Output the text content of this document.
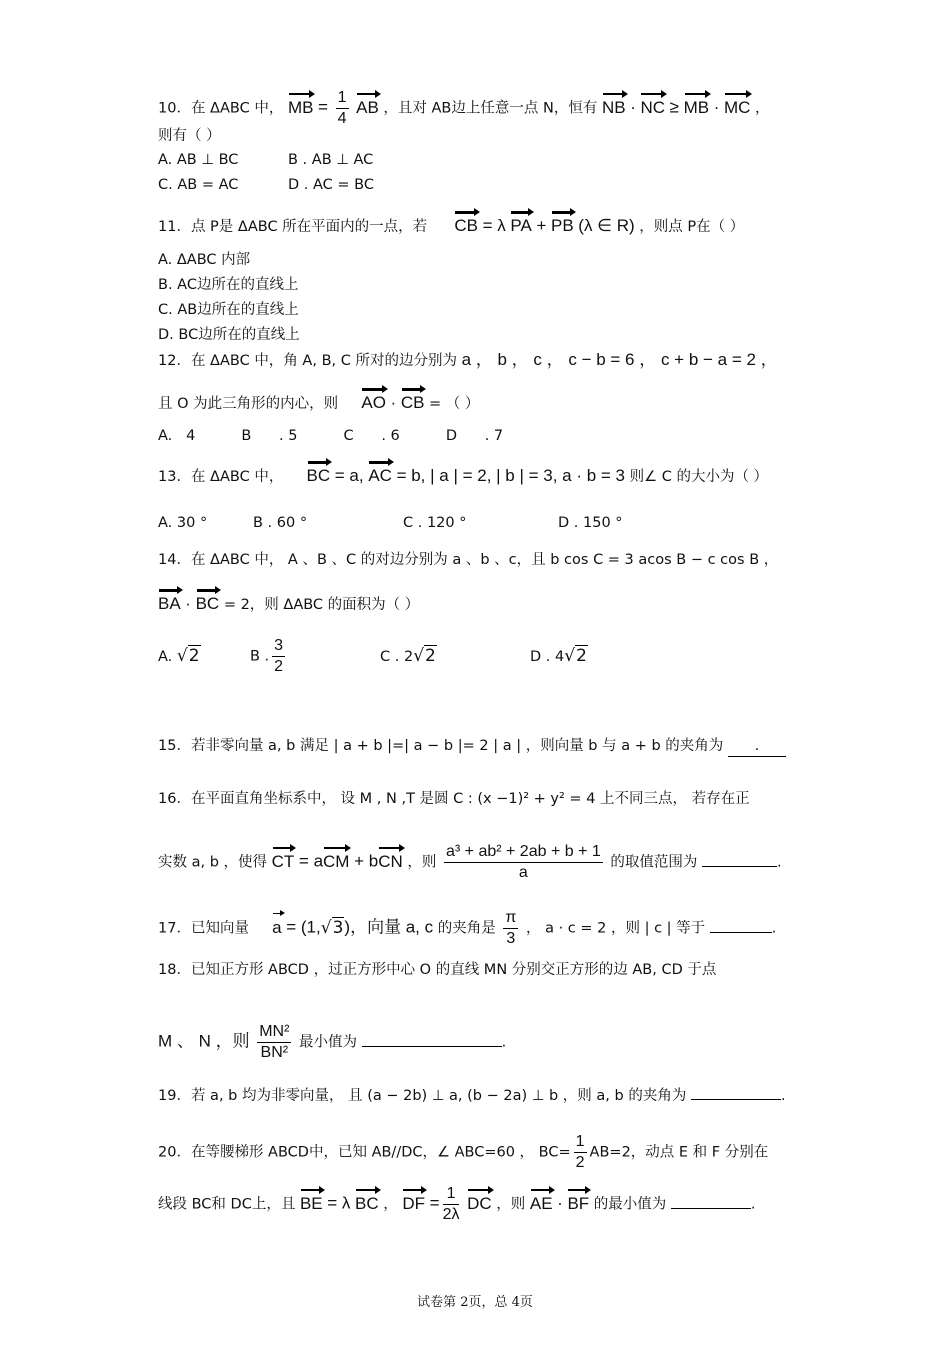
10．在 ΔABC 中， MB = $\frac{1}{4}$ AB ，且对 AB边上任意一点 N，恒有 NB · NC ≥ MB · MC ，
则有（ ）
A. AB ⊥ BC	B . AB ⊥ AC
C. AB = AC	D . AC = BC
11．点 P是 ΔABC 所在平面内的一点，若 CB = λ PA + PB (λ ∈ R) ，则点 P在（ ）
A. ΔABC 内部
B. AC边所在的直线上
C. AB边所在的直线上
D. BC边所在的直线上
12．在 ΔABC 中，角 A, B, C 所对的边分别为 a ， b ， c ， c − b = 6 ， c + b − a = 2 ，
且 O 为此三角形的内心，则 AO · CB = （ ）
A.   4          B      . 5          C      . 6          D      . 7
13．在 ΔABC 中， BC = a, AC = b, | a | = 2, | b | = 3, a · b = 3 则∠ C 的大小为（ ）
A. 30 °	B . 60 °	C . 120 °	D . 150 °
14．在 ΔABC 中， A 、B 、C 的对边分别为 a 、b 、c，且 b cos C = 3 acos B − c cos B ，
BA · BC = 2，则 ΔABC 的面积为（ ）
A. √2	B . $\frac{3}{2}$	C . 2√2	D . 4√2
15．若非零向量 a, b 满足 | a + b |=| a − b |= 2 | a | ，则向量 b 与 a + b 的夹角为 .
16．在平面直角坐标系中， 设 M , N ,T 是圆 C : (x −1)² + y² = 4 上不同三点， 若存在正
实数 a, b ，使得 CT = aCM + bCN ，则 $\frac{\text{a³ + ab² + 2ab + b + 1}}{a}$ 的取值范围为	.
17．已知向量 a = (1,√3)，向量 a, c 的夹角是 $\frac{\pi}{3}$ ， a · c = 2 ，则 | c | 等于	.
18．已知正方形 ABCD ，过正方形中心 O 的直线 MN 分别交正方形的边 AB, CD 于点
M 、 N ，则 $\frac{\text{MN²}}{\text{BN²}}$ 最小值为	.
19．若 a, b 均为非零向量， 且 (a − 2b) ⊥ a, (b − 2a) ⊥ b ，则 a, b 的夹角为	.
20．在等腰梯形 ABCD中，已知 AB//DC，∠ ABC=60 ， $BC= \frac{1}{2} AB=2$，动点 E 和 F 分别在
线段 BC和 DC上，且 BE = λ BC ， DF = $\frac{1}{2\lambda}$ DC ，则 AE · BF 的最小值为	.
试卷第 2页，总 4页
